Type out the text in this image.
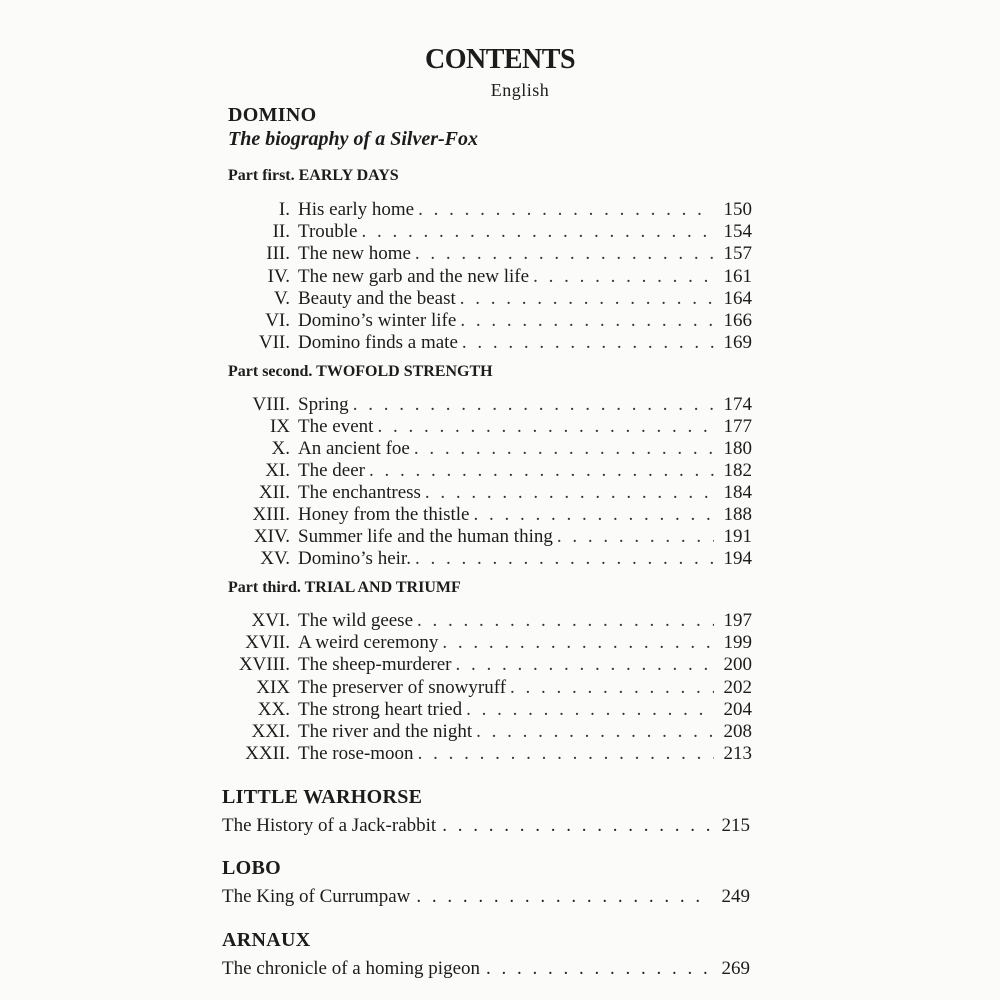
CONTENTS
English
DOMINO
The biography of a Silver-Fox
Part first. EARLY DAYS
I. His early home . . .	150
II. Trouble . . .	154
III. The new home . . .	157
IV. The new garb and the new life . . .	161
V. Beauty and the beast . . .	164
VI. Domino’s winter life . . .	166
VII. Domino finds a mate . . .	169
Part second. TWOFOLD STRENGTH
VIII. Spring . . .	174
IX The event . . .	177
X. An ancient foe . . .	180
XI. The deer . . .	182
XII. The enchantress . . .	184
XIII. Honey from the thistle . . .	188
XIV. Summer life and the human thing . . .	191
XV. Domino’s heir. . . .	194
Part third. TRIAL AND TRIUMF
XVI. The wild geese . . .	197
XVII. A weird ceremony . . .	199
XVIII. The sheep-murderer . . .	200
XIX The preserver of snowyruff . . .	202
XX. The strong heart tried . . .	204
XXI. The river and the night . . .	208
XXII. The rose-moon . . .	213
LITTLE WARHORSE
The History of a Jack-rabbit . . .	215
LOBO
The King of Currumpaw . . .	249
ARNAUX
The chronicle of a homing pigeon . . .	269
